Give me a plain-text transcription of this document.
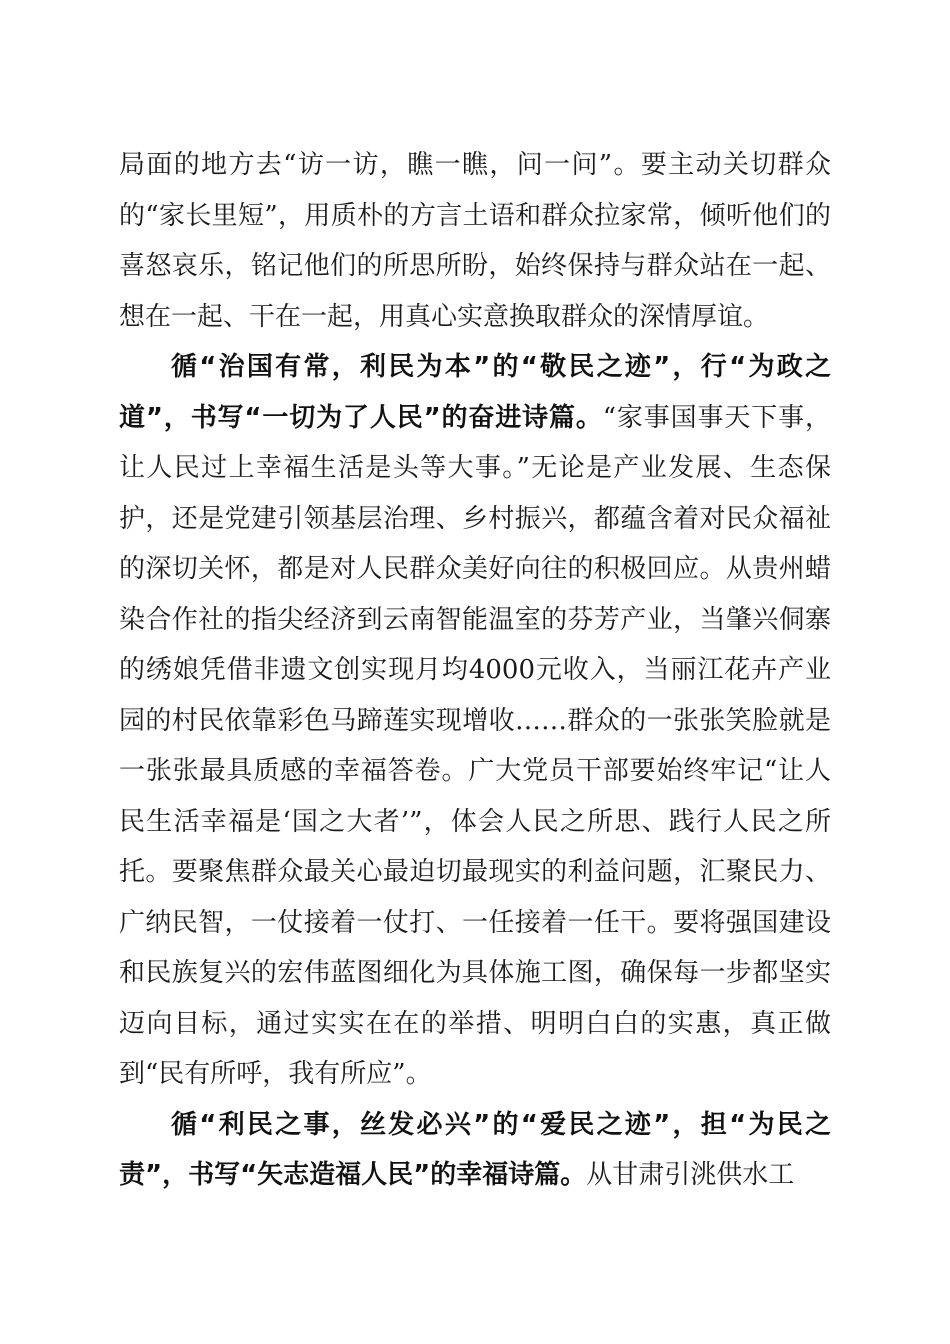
局面的地方去“访一访，瞧一瞧，问一问”。要主动关切群众的“家长里短”，用质朴的方言土语和群众拉家常，倾听他们的喜怒哀乐，铭记他们的所思所盼，始终保持与群众站在一起、想在一起、干在一起，用真心实意换取群众的深情厚谊。

循“治国有常，利民为本”的“敬民之迹”，行“为政之道”，书写“一切为了人民”的奋进诗篇。“家事国事天下事，让人民过上幸福生活是头等大事。”无论是产业发展、生态保护，还是党建引领基层治理、乡村振兴，都蕴含着对民众福祉的深切关怀，都是对人民群众美好向往的积极回应。从贵州蜡染合作社的指尖经济到云南智能温室的芬芳产业，当肇兴侗寨的绣娘凭借非遗文创实现月均4000元收入，当丽江花卉产业园的村民依靠彩色马蹄莲实现增收……群众的一张张笑脸就是一张张最具质感的幸福答卷。广大党员干部要始终牢记“让人民生活幸福是‘国之大者’”，体会人民之所思、践行人民之所托。要聚焦群众最关心最迫切最现实的利益问题，汇聚民力、广纳民智，一仗接着一仗打、一任接着一任干。要将强国建设和民族复兴的宏伟蓝图细化为具体施工图，确保每一步都坚实迈向目标，通过实实在在的举措、明明白白的实惠，真正做到“民有所呼，我有所应”。

循“利民之事，丝发必兴”的“爱民之迹”，担“为民之责”，书写“矢志造福人民”的幸福诗篇。从甘肃引洮供水工
